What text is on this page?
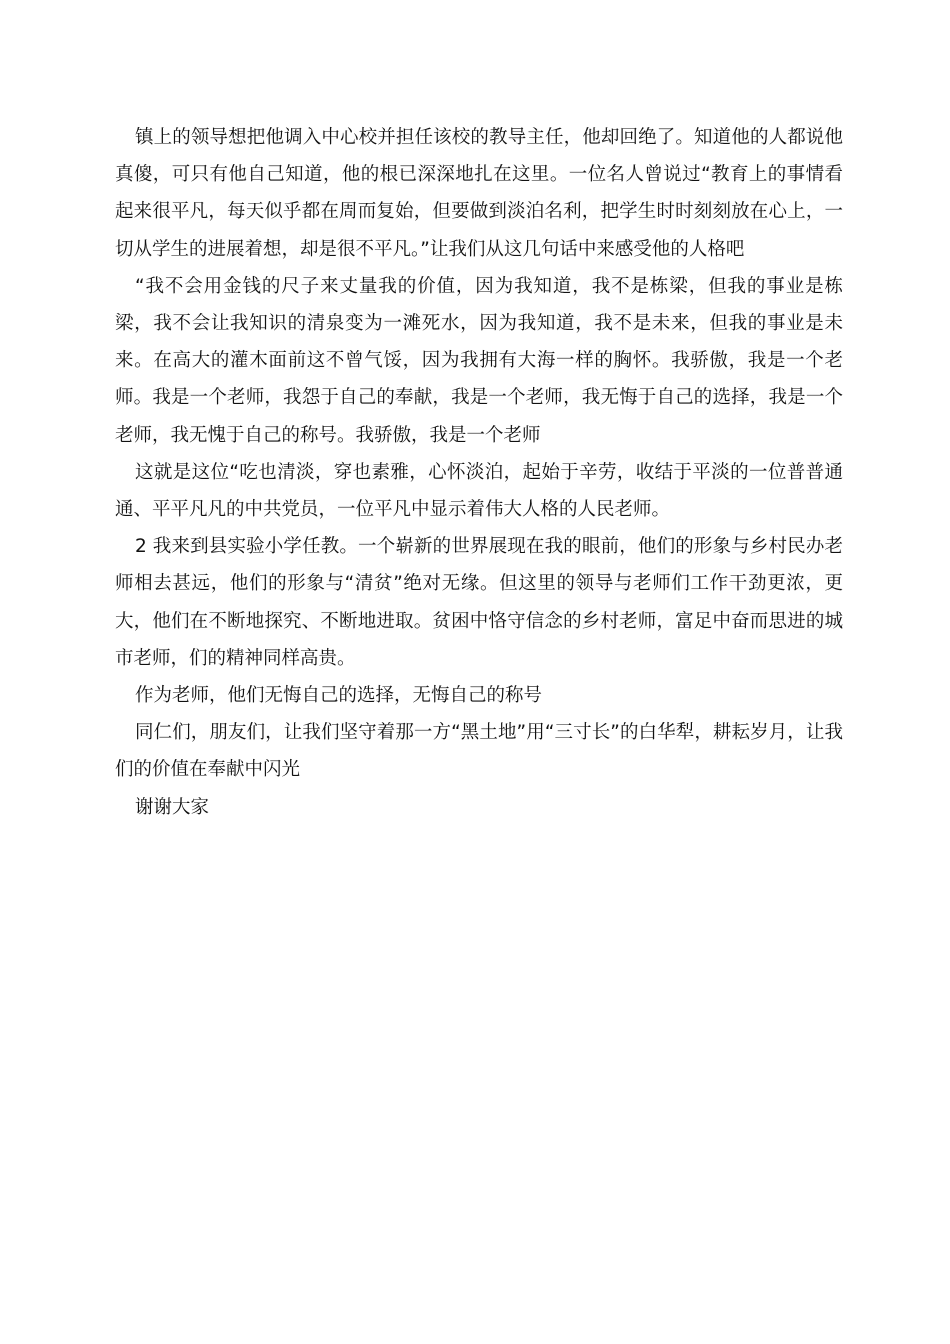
镇上的领导想把他调入中心校并担任该校的教导主任，他却回绝了。知道他的人都说他真傻，可只有他自己知道，他的根已深深地扎在这里。一位名人曾说过“教育上的事情看起来很平凡，每天似乎都在周而复始，但要做到淡泊名利，把学生时时刻刻放在心上，一切从学生的进展着想，却是很不平凡。”让我们从这几句话中来感受他的人格吧

“我不会用金钱的尺子来丈量我的价值，因为我知道，我不是栋梁，但我的事业是栋梁，我不会让我知识的清泉变为一滩死水，因为我知道，我不是未来，但我的事业是未来。在高大的灌木面前这不曾气馁，因为我拥有大海一样的胸怀。我骄傲，我是一个老师。我是一个老师，我怨于自己的奉献，我是一个老师，我无悔于自己的选择，我是一个老师，我无愧于自己的称号。我骄傲，我是一个老师

这就是这位“吃也清淡，穿也素雅，心怀淡泊，起始于辛劳，收结于平淡的一位普普通通、平平凡凡的中共党员，一位平凡中显示着伟大人格的人民老师。

2 我来到县实验小学任教。一个崭新的世界展现在我的眼前，他们的形象与乡村民办老师相去甚远，他们的形象与“清贫”绝对无缘。但这里的领导与老师们工作干劲更浓，更大，他们在不断地探究、不断地进取。贫困中恪守信念的乡村老师，富足中奋而思进的城市老师，们的精神同样高贵。

作为老师，他们无悔自己的选择，无悔自己的称号

同仁们，朋友们，让我们坚守着那一方“黑土地”用“三寸长”的白华犁，耕耘岁月，让我们的价值在奉献中闪光

谢谢大家
